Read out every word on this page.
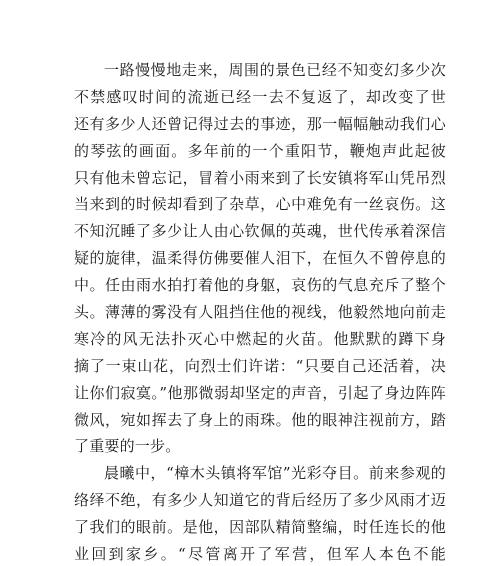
一路慢慢地走来，周围的景色已经不知变幻多少次
不禁感叹时间的流逝已经一去不复返了，却改变了世
还有多少人还曾记得过去的事迹，那一幅幅触动我们心
的琴弦的画面。多年前的一个重阳节，鞭炮声此起彼
只有他未曾忘记，冒着小雨来到了长安镇将军山凭吊烈
当来到的时候却看到了杂草，心中难免有一丝哀伤。这
不知沉睡了多少让人由心钦佩的英魂，世代传承着深信
疑的旋律，温柔得仿佛要催人泪下，在恒久不曾停息的
中。任由雨水拍打着他的身躯，哀伤的气息充斥了整个
头。薄薄的雾没有人阻挡住他的视线，他毅然地向前走
寒冷的风无法扑灭心中燃起的火苗。他默默的蹲下身
摘了一束山花，向烈士们许诺：“只要自己还活着，决
让你们寂寞。”他那微弱却坚定的声音，引起了身边阵阵
微风，宛如挥去了身上的雨珠。他的眼神注视前方，踏
了重要的一步。
晨曦中，“樟木头镇将军馆”光彩夺目。前来参观的
络绎不绝，有多少人知道它的背后经历了多少风雨才迈
了我们的眼前。是他，因部队精简整编，时任连长的他
业回到家乡。“尽管离开了军营，但军人本色不能
